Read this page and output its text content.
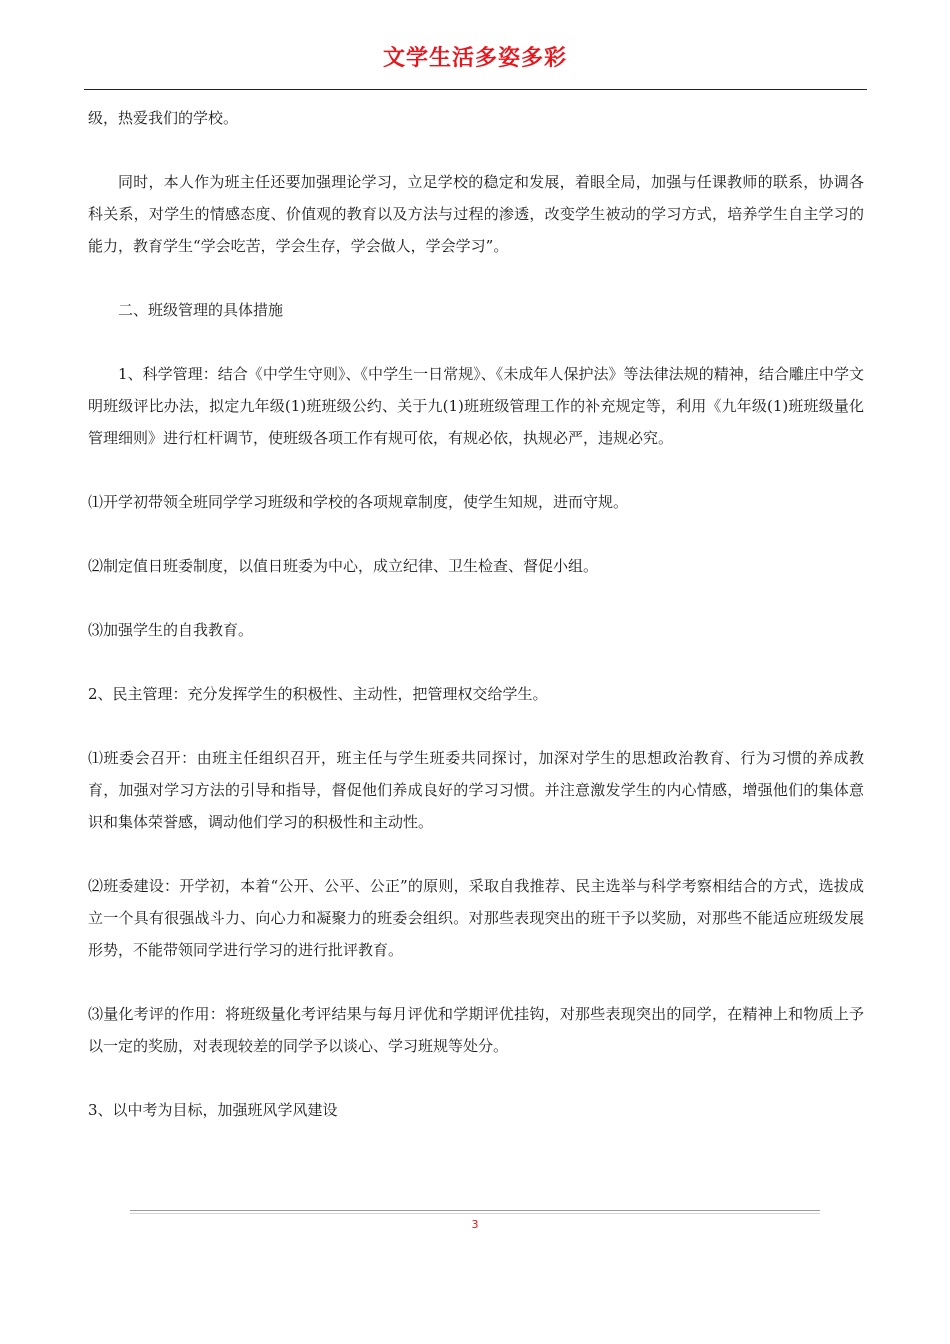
文学生活多姿多彩

级，热爱我们的学校。

同时，本人作为班主任还要加强理论学习，立足学校的稳定和发展，着眼全局，加强与任课教师的联系，协调各科关系，对学生的情感态度、价值观的教育以及方法与过程的渗透，改变学生被动的学习方式，培养学生自主学习的能力，教育学生“学会吃苦，学会生存，学会做人，学会学习”。

二、班级管理的具体措施

1、科学管理：结合《中学生守则》、《中学生一日常规》、《未成年人保护法》等法律法规的精神，结合雕庄中学文明班级评比办法，拟定九年级(1)班班级公约、关于九(1)班班级管理工作的补充规定等，利用《九年级(1)班班级量化管理细则》进行杠杆调节，使班级各项工作有规可依，有规必依，执规必严，违规必究。

⑴开学初带领全班同学学习班级和学校的各项规章制度，使学生知规，进而守规。

⑵制定值日班委制度，以值日班委为中心，成立纪律、卫生检查、督促小组。

⑶加强学生的自我教育。

2、民主管理：充分发挥学生的积极性、主动性，把管理权交给学生。

⑴班委会召开：由班主任组织召开，班主任与学生班委共同探讨，加深对学生的思想政治教育、行为习惯的养成教育，加强对学习方法的引导和指导，督促他们养成良好的学习习惯。并注意激发学生的内心情感，增强他们的集体意识和集体荣誉感，调动他们学习的积极性和主动性。

⑵班委建设：开学初，本着“公开、公平、公正”的原则，采取自我推荐、民主选举与科学考察相结合的方式，选拔成立一个具有很强战斗力、向心力和凝聚力的班委会组织。对那些表现突出的班干予以奖励，对那些不能适应班级发展形势，不能带领同学进行学习的进行批评教育。

⑶量化考评的作用：将班级量化考评结果与每月评优和学期评优挂钩，对那些表现突出的同学，在精神上和物质上予以一定的奖励，对表现较差的同学予以谈心、学习班规等处分。

3、以中考为目标，加强班风学风建设

3
